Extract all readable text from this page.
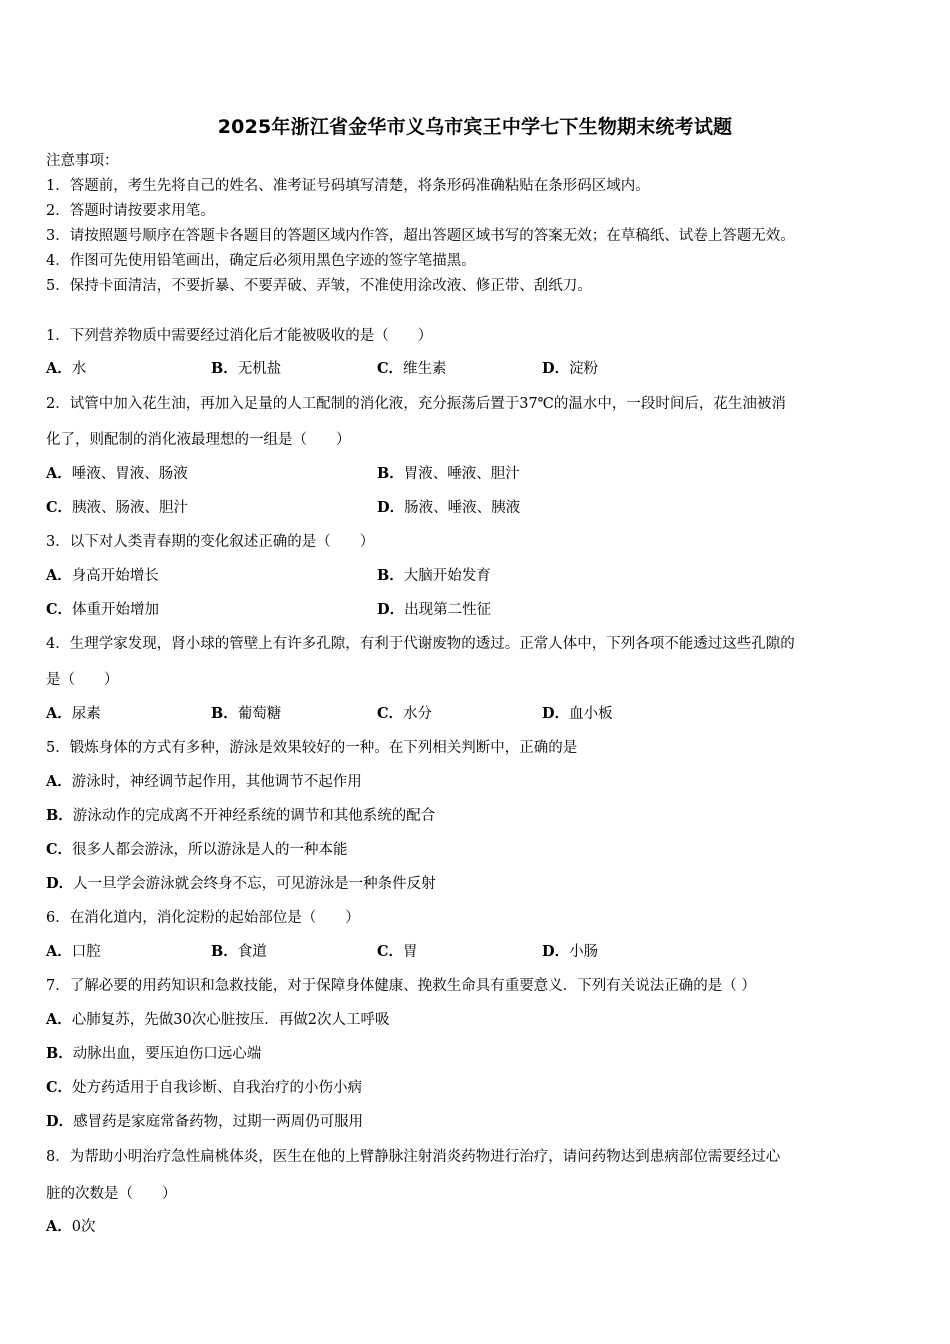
2025年浙江省金华市义乌市宾王中学七下生物期末统考试题
注意事项：
1．答题前，考生先将自己的姓名、准考证号码填写清楚，将条形码准确粘贴在条形码区域内。
2．答题时请按要求用笔。
3．请按照题号顺序在答题卡各题目的答题区域内作答，超出答题区域书写的答案无效；在草稿纸、试卷上答题无效。
4．作图可先使用铅笔画出，确定后必须用黑色字迹的签字笔描黑。
5．保持卡面清洁，不要折暴、不要弄破、弄皱，不准使用涂改液、修正带、刮纸刀。
1．下列营养物质中需要经过消化后才能被吸收的是（　　）
A．水	B．无机盐	C．维生素	D．淀粉
2．试管中加入花生油，再加入足量的人工配制的消化液，充分振荡后置于37℃的温水中，一段时间后，花生油被消
化了，则配制的消化液最理想的一组是（　　）
A．唾液、胃液、肠液	B．胃液、唾液、胆汁
C．胰液、肠液、胆汁	D．肠液、唾液、胰液
3．以下对人类青春期的变化叙述正确的是（　　）
A．身高开始增长	B．大脑开始发育
C．体重开始增加	D．出现第二性征
4．生理学家发现，肾小球的管壁上有许多孔隙，有利于代谢废物的透过。正常人体中，下列各项不能透过这些孔隙的
是（　　）
A．尿素	B．葡萄糖	C．水分	D．血小板
5．锻炼身体的方式有多种，游泳是效果较好的一种。在下列相关判断中，正确的是
A．游泳时，神经调节起作用，其他调节不起作用
B．游泳动作的完成离不开神经系统的调节和其他系统的配合
C．很多人都会游泳，所以游泳是人的一种本能
D．人一旦学会游泳就会终身不忘，可见游泳是一种条件反射
6．在消化道内，消化淀粉的起始部位是（　　）
A．口腔	B．食道	C．胃	D．小肠
7．了解必要的用药知识和急救技能，对于保障身体健康、挽救生命具有重要意义．下列有关说法正确的是（ ）
A．心肺复苏，先做30次心脏按压．再做2次人工呼吸
B．动脉出血，要压迫伤口远心端
C．处方药适用于自我诊断、自我治疗的小伤小病
D．感冒药是家庭常备药物，过期一两周仍可服用
8．为帮助小明治疗急性扁桃体炎，医生在他的上臂静脉注射消炎药物进行治疗，请问药物达到患病部位需要经过心
脏的次数是（　　）
A．0次
